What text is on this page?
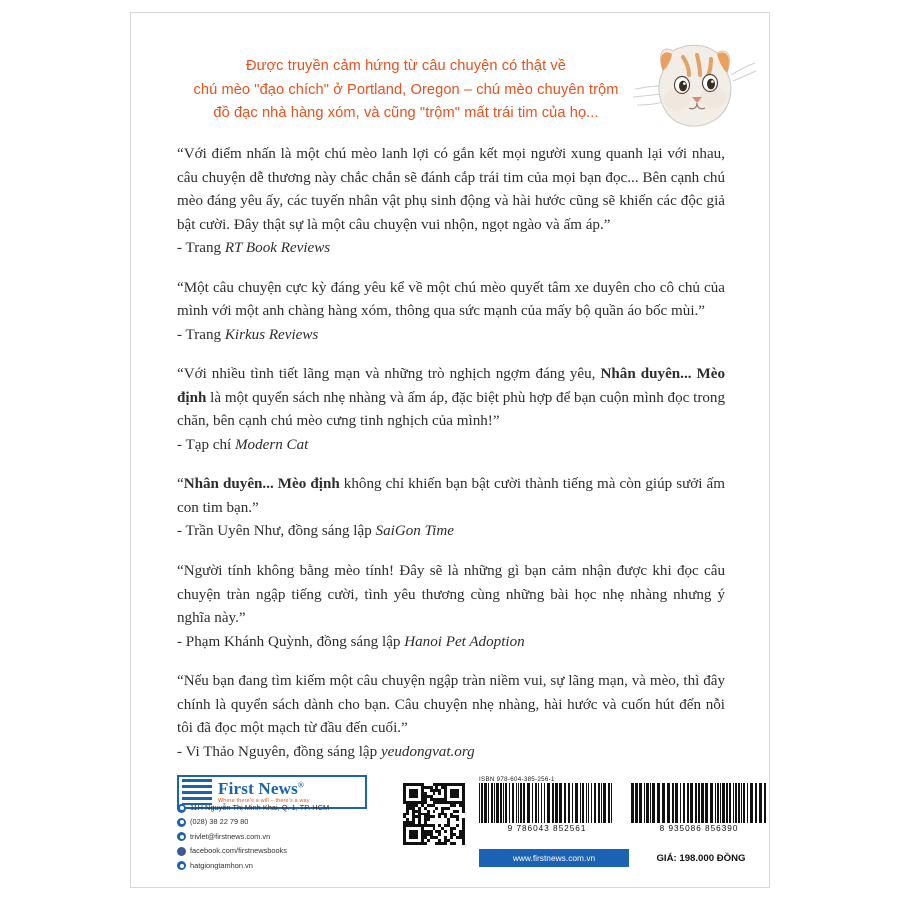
Được truyền cảm hứng từ câu chuyện có thật về
chú mèo "đạo chích" ở Portland, Oregon – chú mèo chuyên trộm
đồ đạc nhà hàng xóm, và cũng "trộm" mất trái tim của họ...

“Với điểm nhấn là một chú mèo lanh lợi có gắn kết mọi người xung quanh lại với nhau, câu chuyện dễ thương này chắc chắn sẽ đánh cắp trái tim của mọi bạn đọc... Bên cạnh chú mèo đáng yêu ấy, các tuyến nhân vật phụ sinh động và hài hước cũng sẽ khiến các độc giả bật cười. Đây thật sự là một câu chuyện vui nhộn, ngọt ngào và ấm áp.”

- Trang RT Book Reviews

“Một câu chuyện cực kỳ đáng yêu kể về một chú mèo quyết tâm xe duyên cho cô chủ của mình với một anh chàng hàng xóm, thông qua sức mạnh của mấy bộ quần áo bốc mùi.”

- Trang Kirkus Reviews

“Với nhiều tình tiết lãng mạn và những trò nghịch ngợm đáng yêu, Nhân duyên... Mèo định là một quyển sách nhẹ nhàng và ấm áp, đặc biệt phù hợp để bạn cuộn mình đọc trong chăn, bên cạnh chú mèo cưng tinh nghịch của mình!”

- Tạp chí Modern Cat

“Nhân duyên... Mèo định không chỉ khiến bạn bật cười thành tiếng mà còn giúp sưởi ấm con tim bạn.”

- Trần Uyên Như, đồng sáng lập SaiGon Time

“Người tính không bằng mèo tính! Đây sẽ là những gì bạn cảm nhận được khi đọc câu chuyện tràn ngập tiếng cười, tình yêu thương cùng những bài học nhẹ nhàng nhưng ý nghĩa này.”

- Phạm Khánh Quỳnh, đồng sáng lập Hanoi Pet Adoption

“Nếu bạn đang tìm kiếm một câu chuyện ngập tràn niềm vui, sự lãng mạn, và mèo, thì đây chính là quyển sách dành cho bạn. Câu chuyện nhẹ nhàng, hài hước và cuốn hút đến nỗi tôi đã đọc một mạch từ đầu đến cuối.”

- Vi Thảo Nguyên, đồng sáng lập yeudongvat.org

First News®
Where there's a will – there's a way
11H Nguyễn Thị Minh Khai, Q. 1, TP. HCM
(028) 38 22 79 80
trivlet@firstnews.com.vn
facebook.com/firstnewsbooks
hatgiongtamhon.vn
ISBN 978-604-385-256-1
9 786043 852561	8 935086 856390
www.firstnews.com.vn	GIÁ: 198.000 ĐỒNG
